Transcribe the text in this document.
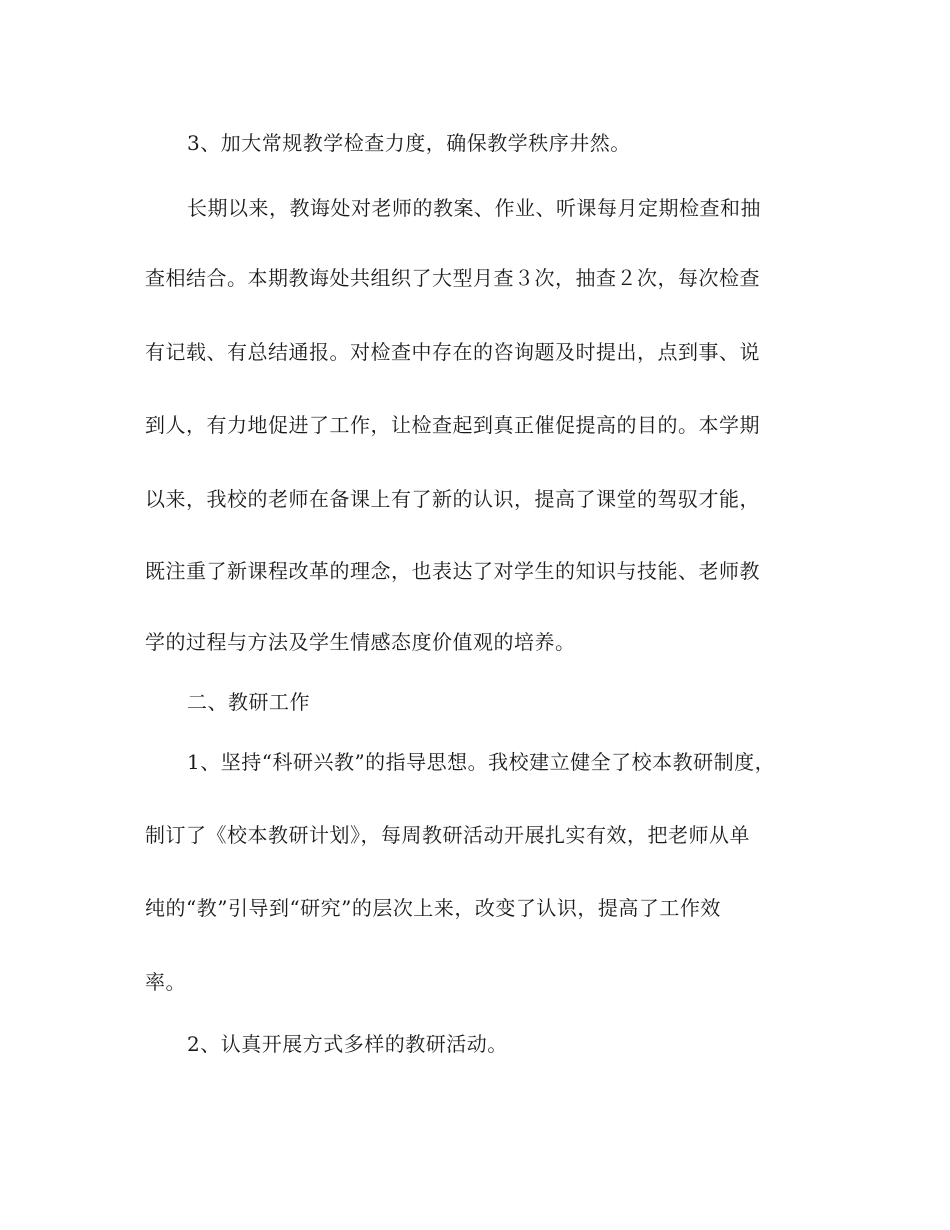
3、加大常规教学检查力度，确保教学秩序井然。
长期以来，教诲处对老师的教案、作业、听课每月定期检查和抽
查相结合。本期教诲处共组织了大型月查３次，抽查２次，每次检查
有记载、有总结通报。对检查中存在的咨询题及时提出，点到事、说
到人，有力地促进了工作，让检查起到真正催促提高的目的。本学期
以来，我校的老师在备课上有了新的认识，提高了课堂的驾驭才能，
既注重了新课程改革的理念，也表达了对学生的知识与技能、老师教
学的过程与方法及学生情感态度价值观的培养。
二、教研工作
1、坚持“科研兴教”的指导思想。我校建立健全了校本教研制度，
制订了《校本教研计划》，每周教研活动开展扎实有效，把老师从单
纯的“教”引导到“研究”的层次上来，改变了认识，提高了工作效
率。
2、认真开展方式多样的教研活动。
